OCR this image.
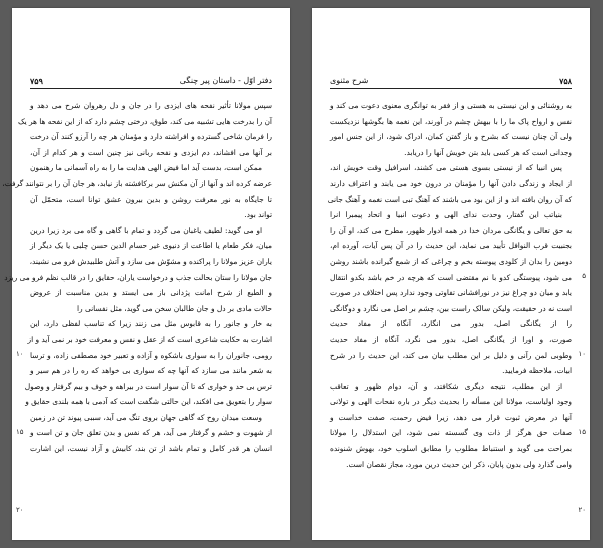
۷۵۹	دفتر اوّل - داستان پیر چنگی
۱۰
۱۵
۲۰
سپس مولانا تأثیر نفحه های ایزدی را در جان و دل رهروان شرح می دهد و
آن را بدرخت هایی تشبیه می کند، طوق، درختی چشم دارد که از این نفحه ها هر یک
را فرمان شاخی گسترده و افراشته دارد و مؤمنان هر چه را آرزو کنند آن درخت
بر آنها می افشاند، دم ایزدی و نفحه ربانی نیز چنین است و هر کدام از آن،
ممکن است، بدست آید اما فیض الهی هدایت ما را به راه آسمانی ما رهنمون
عرضه کرده اند و آنها از آن مکنش سر برکافشته باز نیابد، هر جان آن را بر نتوانند گرفت،
تا جایگاه به نور معرفت روشن و بدین بیرون عشق توانا است، متحمّل آن
تواند بود.
او می گوید: لطیف یاغبان می گردد و تمام با گاهی و گاه می برد زیرا درین
میان، فکر طعام یا اطاعت از دنیوی غیر حسام الدین حسن چلبی یا یک دیگر از
یاران عزیز مولانا را پراکنده و مشوّش می سازد و آتش طلبیدش فرو می نشیند،
جان مولانا را ستان بحالت جذب و درخواست یاران، حقایق را در قالب نظم فرو می ریزد
و الطبع از شرح امانت پژدانی باز می ایستد و بدین مناسبت از عروض
حالات مادی بر دل و جان طالبان سخن می گوید، مثل نفسانی را
به خار و جانور را به قابوس مثل می زنند زیرا که تناسب لفظی دارد، این
اشارت به حکایت شاعری است که از عقل و نفس و معرفت خود بر نمی آید و از
رومی، جانوران را به سواری باشکوه و آزاده و تعبیر خود مصطفی زاده، و ترسا
به شعر مانند می سازد که آنها چه که سواری بی خواهد که ره را در هم سیر و
ترس بی حد و خواری که تا آن سوار است در بیراهه و خوف و بیم گرفتار و وصول
سوار را بتعویق می افکند، این حالتی شگفت است که آدمی با همه بلندی حقایق و
وسعت میدان روح که گاهی جهان بروی تنگ می آید، سببی پیوند تن در زمین
از شهوت و خشم و گرفتار می آید، هر که نفس و بدن تعلق جان و تن است و
انسان هر قدر کامل و تمام باشد از تن بند، کابیش و آزاد نیست، این اشارت
۷۵۸
شرح مثنوی
۵
۱۰
۱۵
۲۰
به روشنائی و این نیستی به هستی و از فقر به توانگری معنوی دعوت می کند و
نفس و ارواح پاک ما را با بیهش چشم در آورند، این نغمه ها بگوشها نزدیکست
ولی آن چنان نیست که بشرح و باز گفتن کمان، ادراک شود، از این جنس امور
وجدانی است که هر کسی باید بتن خویش آنها را دریابد.
پس انبیا که از نیستی بسوی هستی می کشند، اسرافیل وقت خویش اند،
از ایجاد و زندگی دادن آنها را مؤمنان در درون خود می یابند و اعتراف دارند
که آن روان بافته اند و از این بود می باشند که آهنگ تبی است نغمه و آهنگ جانی
بنیاتب این گفتار، وحدت ندای الهی و دعوت انبیا و اتحاد پیمبرا انرا
به حق تعالی و یگانگی مردان خدا در همه ادوار ظهور، مطرح می کند، او آن را
بجنبیت قرب النوافل تأیید می نماید، این حدیث را در آن پس آیات، آورده ام،
دومین را بدان از کلودی پیوسته بخم و چراغی که از شمع گیرانده باشند روشن
می شود، پیوستگی کدو با نم مقتضی است که هرچه در خم باشد بکدو انتقال
یابد و میان دو چراغ نیز در نورافشانی تفاوتی وجود ندارد پس اختلاف در صورت
است نه در حقیقت، ولیکن سالک راست بین، چشم بر اصل می نگارد و دوگانگی
را از یگانگی اصل، بدور می انگارد، آنگاه از مفاد حدیث
صورت، و اورا از یگانگی اصل، بدور می نگرد، آنگاه از مفاد حدیث
وطوبی لمن رآنی و دلیل بر این مطلب بیان می کند، این حدیث را در شرح
ابیات، ملاحظه فرمایید.
از این مطلب، نتیجه دیگری شکافتد، و آن، دوام ظهور و تعاقب
وجود اولیاست، مولانا این مسأله را بحدیث دیگر در باره نفحات الهی و تولانی
آنها در معرض ثبوت قرار می دهد، زیرا فیض رحمت، صفت خداست و
صفات حق هرگز از ذات وی گسسته نمی شود، این استدلال را مولانا
بمراحت می گوید و استنباط مطلوب را مطابق اسلوب خود، بهوش شنونده
وامی گذارد ولی بدون پایان، ذکر این حدیث درین مورد، مجاز نقصان است.
